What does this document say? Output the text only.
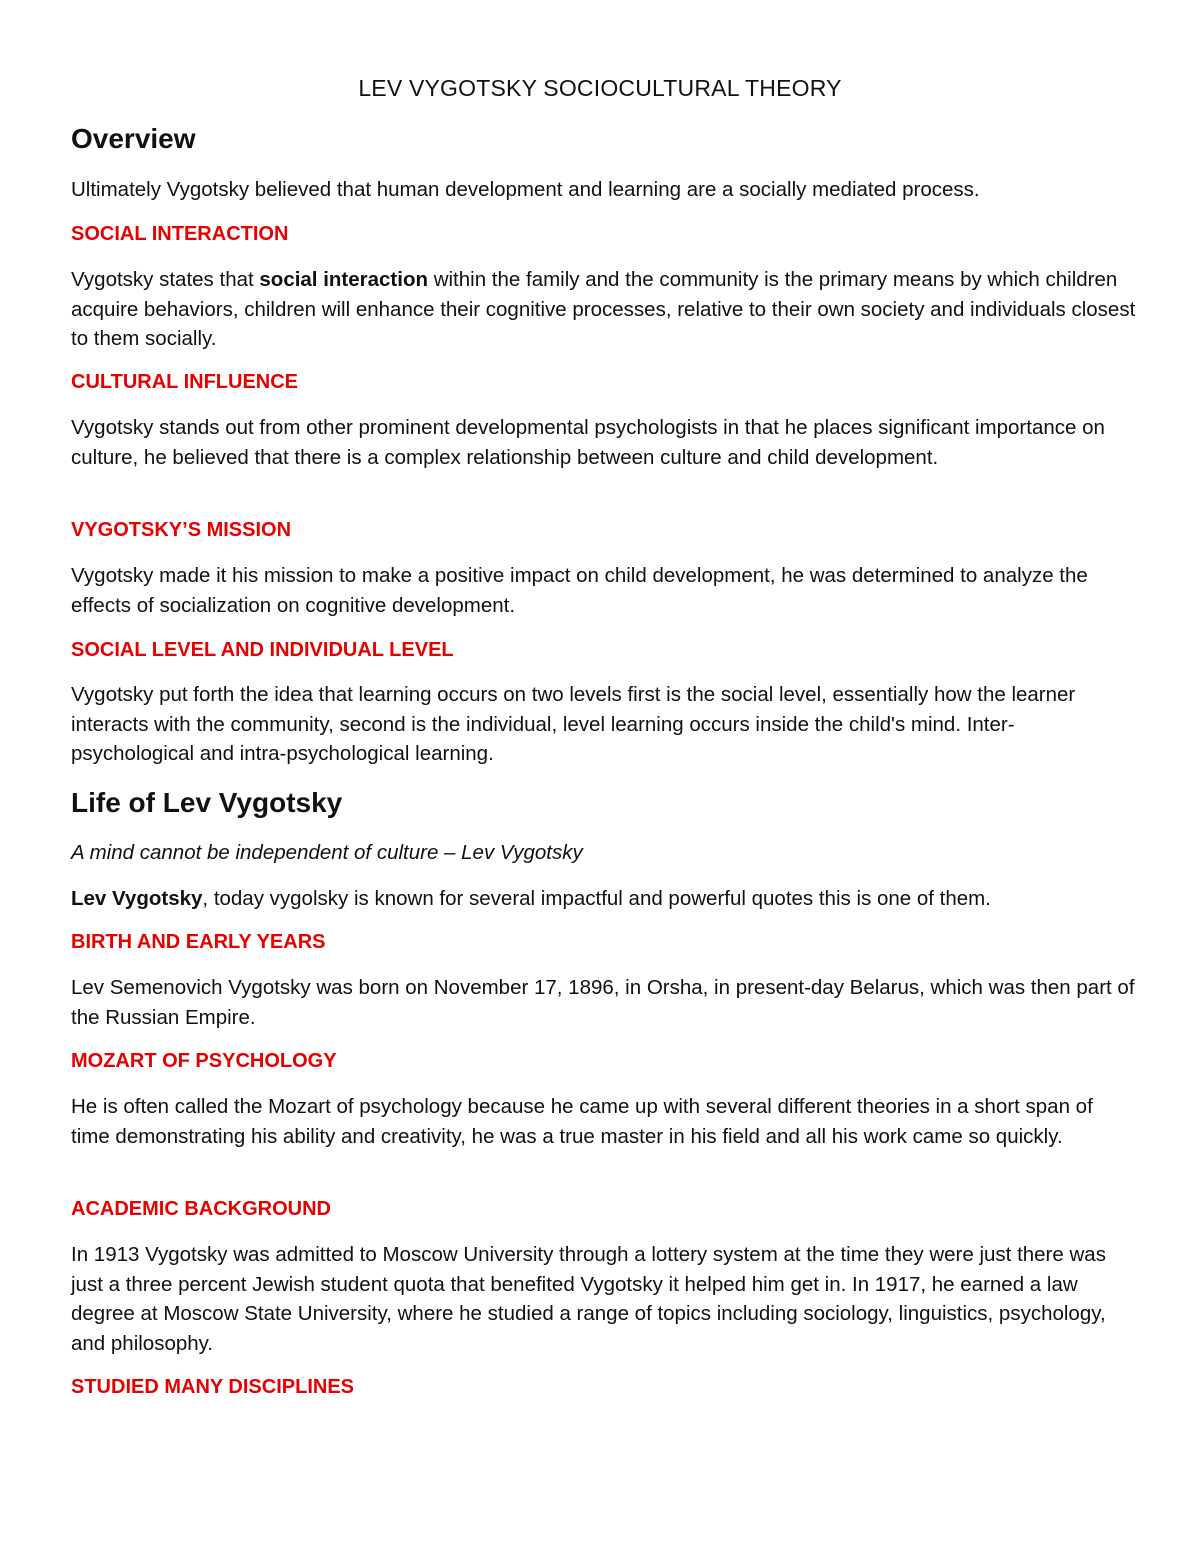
LEV VYGOTSKY SOCIOCULTURAL THEORY
Overview

Ultimately Vygotsky believed that human development and learning are a socially mediated process.

SOCIAL INTERACTION

Vygotsky states that social interaction within the family and the community is the primary means by which children acquire behaviors, children will enhance their cognitive processes, relative to their own society and individuals closest to them socially.

CULTURAL INFLUENCE

Vygotsky stands out from other prominent developmental psychologists in that he places significant importance on culture, he believed that there is a complex relationship between culture and child development.

VYGOTSKY’S MISSION

Vygotsky made it his mission to make a positive impact on child development, he was determined to analyze the effects of socialization on cognitive development.

SOCIAL LEVEL AND INDIVIDUAL LEVEL

Vygotsky put forth the idea that learning occurs on two levels first is the social level, essentially how the learner interacts with the community, second is the individual, level learning occurs inside the child's mind. Inter-psychological and intra-psychological learning.

Life of Lev Vygotsky

A mind cannot be independent of culture – Lev Vygotsky

Lev Vygotsky, today vygolsky is known for several impactful and powerful quotes this is one of them.

BIRTH AND EARLY YEARS

Lev Semenovich Vygotsky was born on November 17, 1896, in Orsha, in present-day Belarus, which was then part of the Russian Empire.

MOZART OF PSYCHOLOGY

He is often called the Mozart of psychology because he came up with several different theories in a short span of time demonstrating his ability and creativity, he was a true master in his field and all his work came so quickly.

ACADEMIC BACKGROUND

In 1913 Vygotsky was admitted to Moscow University through a lottery system at the time they were just there was just a three percent Jewish student quota that benefited Vygotsky it helped him get in. In 1917, he earned a law degree at Moscow State University, where he studied a range of topics including sociology, linguistics, psychology, and philosophy.

STUDIED MANY DISCIPLINES
